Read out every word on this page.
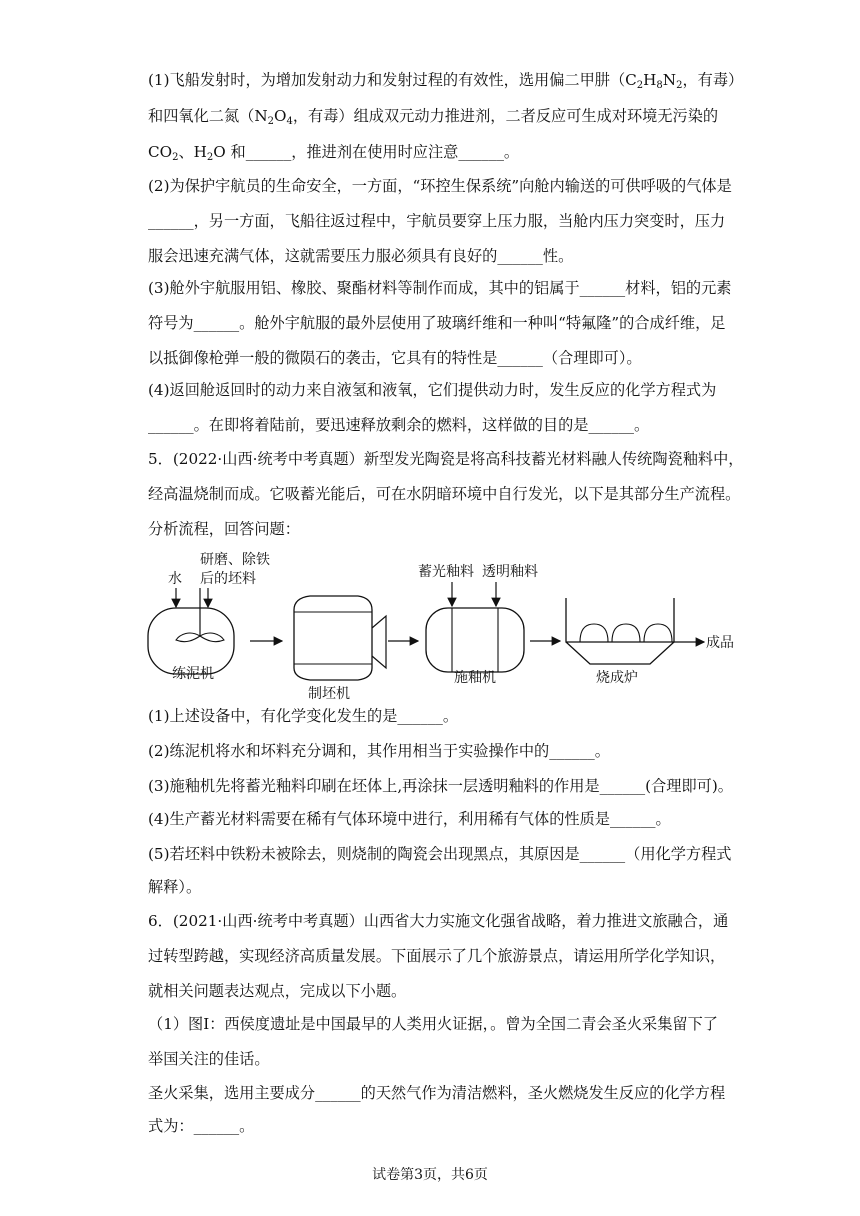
(1)飞船发射时，为增加发射动力和发射过程的有效性，选用偏二甲肼（$C_2H_8N_2$，有毒）
和四氧化二氮（$N_2O_4$，有毒）组成双元动力推进剂，二者反应可生成对环境无污染的
$CO_2$、$H_2O$ 和______，推进剂在使用时应注意______。
(2)为保护宇航员的生命安全，一方面，“环控生保系统”向舱内输送的可供呼吸的气体是
______，另一方面，飞船往返过程中，宇航员要穿上压力服，当舱内压力突变时，压力
服会迅速充满气体，这就需要压力服必须具有良好的______性。
(3)舱外宇航服用铝、橡胶、聚酯材料等制作而成，其中的铝属于______材料，铝的元素
符号为______。舱外宇航服的最外层使用了玻璃纤维和一种叫“特氟隆”的合成纤维，足
以抵御像枪弹一般的微陨石的袭击，它具有的特性是______（合理即可）。
(4)返回舱返回时的动力来自液氢和液氧，它们提供动力时，发生反应的化学方程式为
______。在即将着陆前，要迅速释放剩余的燃料，这样做的目的是______。
5．(2022·山西·统考中考真题）新型发光陶瓷是将高科技蓄光材料融人传统陶瓷釉料中，
经高温烧制而成。它吸蓄光能后，可在水阴暗环境中自行发光，以下是其部分生产流程。
分析流程，回答问题：
水
研磨、除铁
后的坯料
练泥机
制坯机
蓄光釉料 透明釉料
施釉机	烧成炉
成品
(1)上述设备中，有化学变化发生的是______。
(2)练泥机将水和坏料充分调和，其作用相当于实验操作中的______。
(3)施釉机先将蓄光釉料印刷在坯体上,再涂抹一层透明釉料的作用是______(合理即可)。
(4)生产蓄光材料需要在稀有气体环境中进行，利用稀有气体的性质是______。
(5)若坯料中铁粉未被除去，则烧制的陶瓷会出现黑点，其原因是______（用化学方程式
解释）。
6．(2021·山西·统考中考真题）山西省大力实施文化强省战略，着力推进文旅融合，通
过转型跨越，实现经济高质量发展。下面展示了几个旅游景点，请运用所学化学知识，
就相关问题表达观点，完成以下小题。
（1）图Ⅰ：西侯度遗址是中国最早的人类用火证据，。曾为全国二青会圣火采集留下了
举国关注的佳话。
圣火采集，选用主要成分______的天然气作为清洁燃料，圣火燃烧发生反应的化学方程
式为：______。
试卷第3页，共6页
